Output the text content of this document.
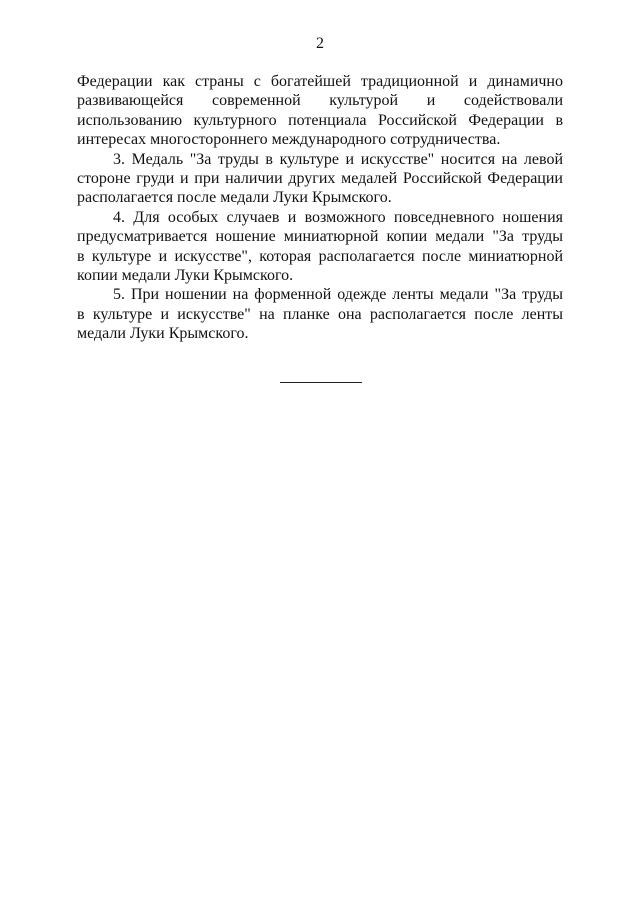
2
Федерации как страны с богатейшей традиционной и динамично
развивающейся современной культурой и содействовали
использованию культурного потенциала Российской Федерации в
интересах многостороннего международного сотрудничества.
3. Медаль "За труды в культуре и искусстве" носится на левой
стороне груди и при наличии других медалей Российской Федерации
располагается после медали Луки Крымского.
4. Для особых случаев и возможного повседневного ношения
предусматривается ношение миниатюрной копии медали "За труды
в культуре и искусстве", которая располагается после миниатюрной
копии медали Луки Крымского.
5. При ношении на форменной одежде ленты медали "За труды
в культуре и искусстве" на планке она располагается после ленты
медали Луки Крымского.
